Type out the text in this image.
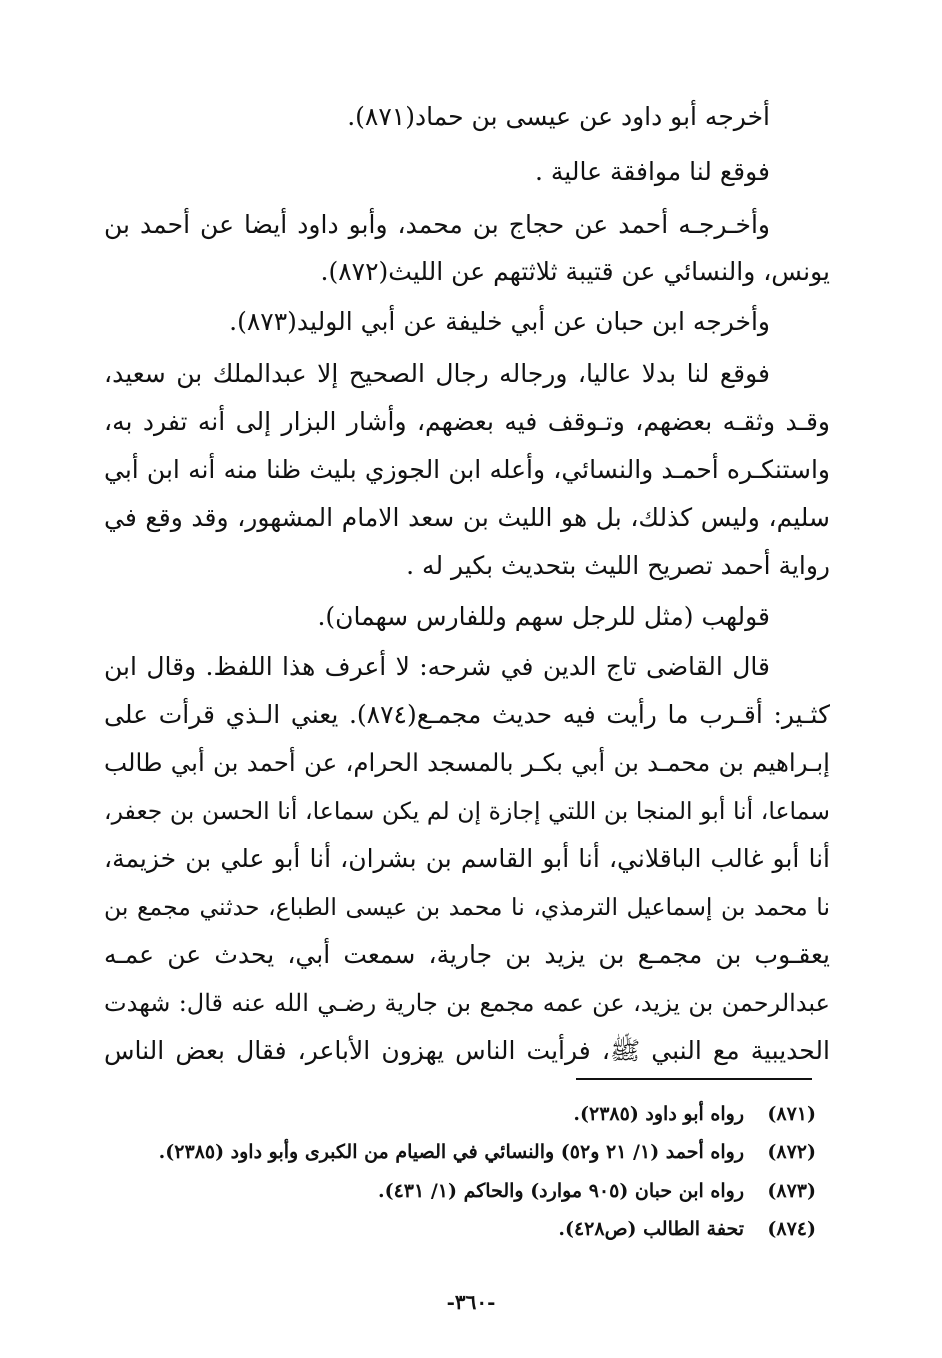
أخرجه أبو داود عن عيسى بن حماد(٨٧١).
فوقع لنا موافقة عالية .
وأخـرجـه أحمد عن حجاج بن محمد، وأبو داود أيضا عن أحمد بن
يونس، والنسائي عن قتيبة ثلاثتهم عن الليث(٨٧٢).
وأخرجه ابن حبان عن أبي خليفة عن أبي الوليد(٨٧٣).
فوقع لنا بدلا عاليا، ورجاله رجال الصحيح إلا عبدالملك بن سعيد،
وقـد وثقـه بعضهم، وتـوقف فيه بعضهم، وأشار البزار إلى أنه تفرد به،
واستنكـره أحمـد والنسائي، وأعله ابن الجوزي بليث ظنا منه أنه ابن أبي
سليم، وليس كذلك، بل هو الليث بن سعد الامام المشهور، وقد وقع في
رواية أحمد تصريح الليث بتحديث بكير له .
قولهب (مثل للرجل سهم وللفارس سهمان).
قال القاضى تاج الدين في شرحه: لا أعرف هذا اللفظ. وقال ابن
كثـير: أقـرب ما رأيت فيه حديث مجمـع(٨٧٤). يعني الـذي قرأت على
إبـراهيم بن محمـد بن أبي بكـر بالمسجد الحرام، عن أحمد بن أبي طالب
سماعا، أنا أبو المنجا بن اللتي إجازة إن لم يكن سماعا، أنا الحسن بن جعفر،
أنا أبو غالب الباقلاني، أنا أبو القاسم بن بشران، أنا أبو علي بن خزيمة،
نا محمد بن إسماعيل الترمذي، نا محمد بن عيسى الطباع، حدثني مجمع بن
يعقـوب بن مجمـع بن يزيد بن جارية، سمعت أبي، يحدث عن عمـه
عبدالرحمن بن يزيد، عن عمه مجمع بن جارية رضـي الله عنه قال: شهدت
الحديبية مع النبي ﷺ، فرأيت الناس يهزون الأباعر، فقال بعض الناس
(٨٧١)رواه أبو داود (٢٣٨٥).
(٨٧٢)رواه أحمد (١/ ٢١ و٥٢) والنسائي في الصيام من الكبرى وأبو داود (٢٣٨٥).
(٨٧٣)رواه ابن حبان (٩٠٥ موارد) والحاكم (١/ ٤٣١).
(٨٧٤)تحفة الطالب (ص٤٢٨).
-٣٦٠-
